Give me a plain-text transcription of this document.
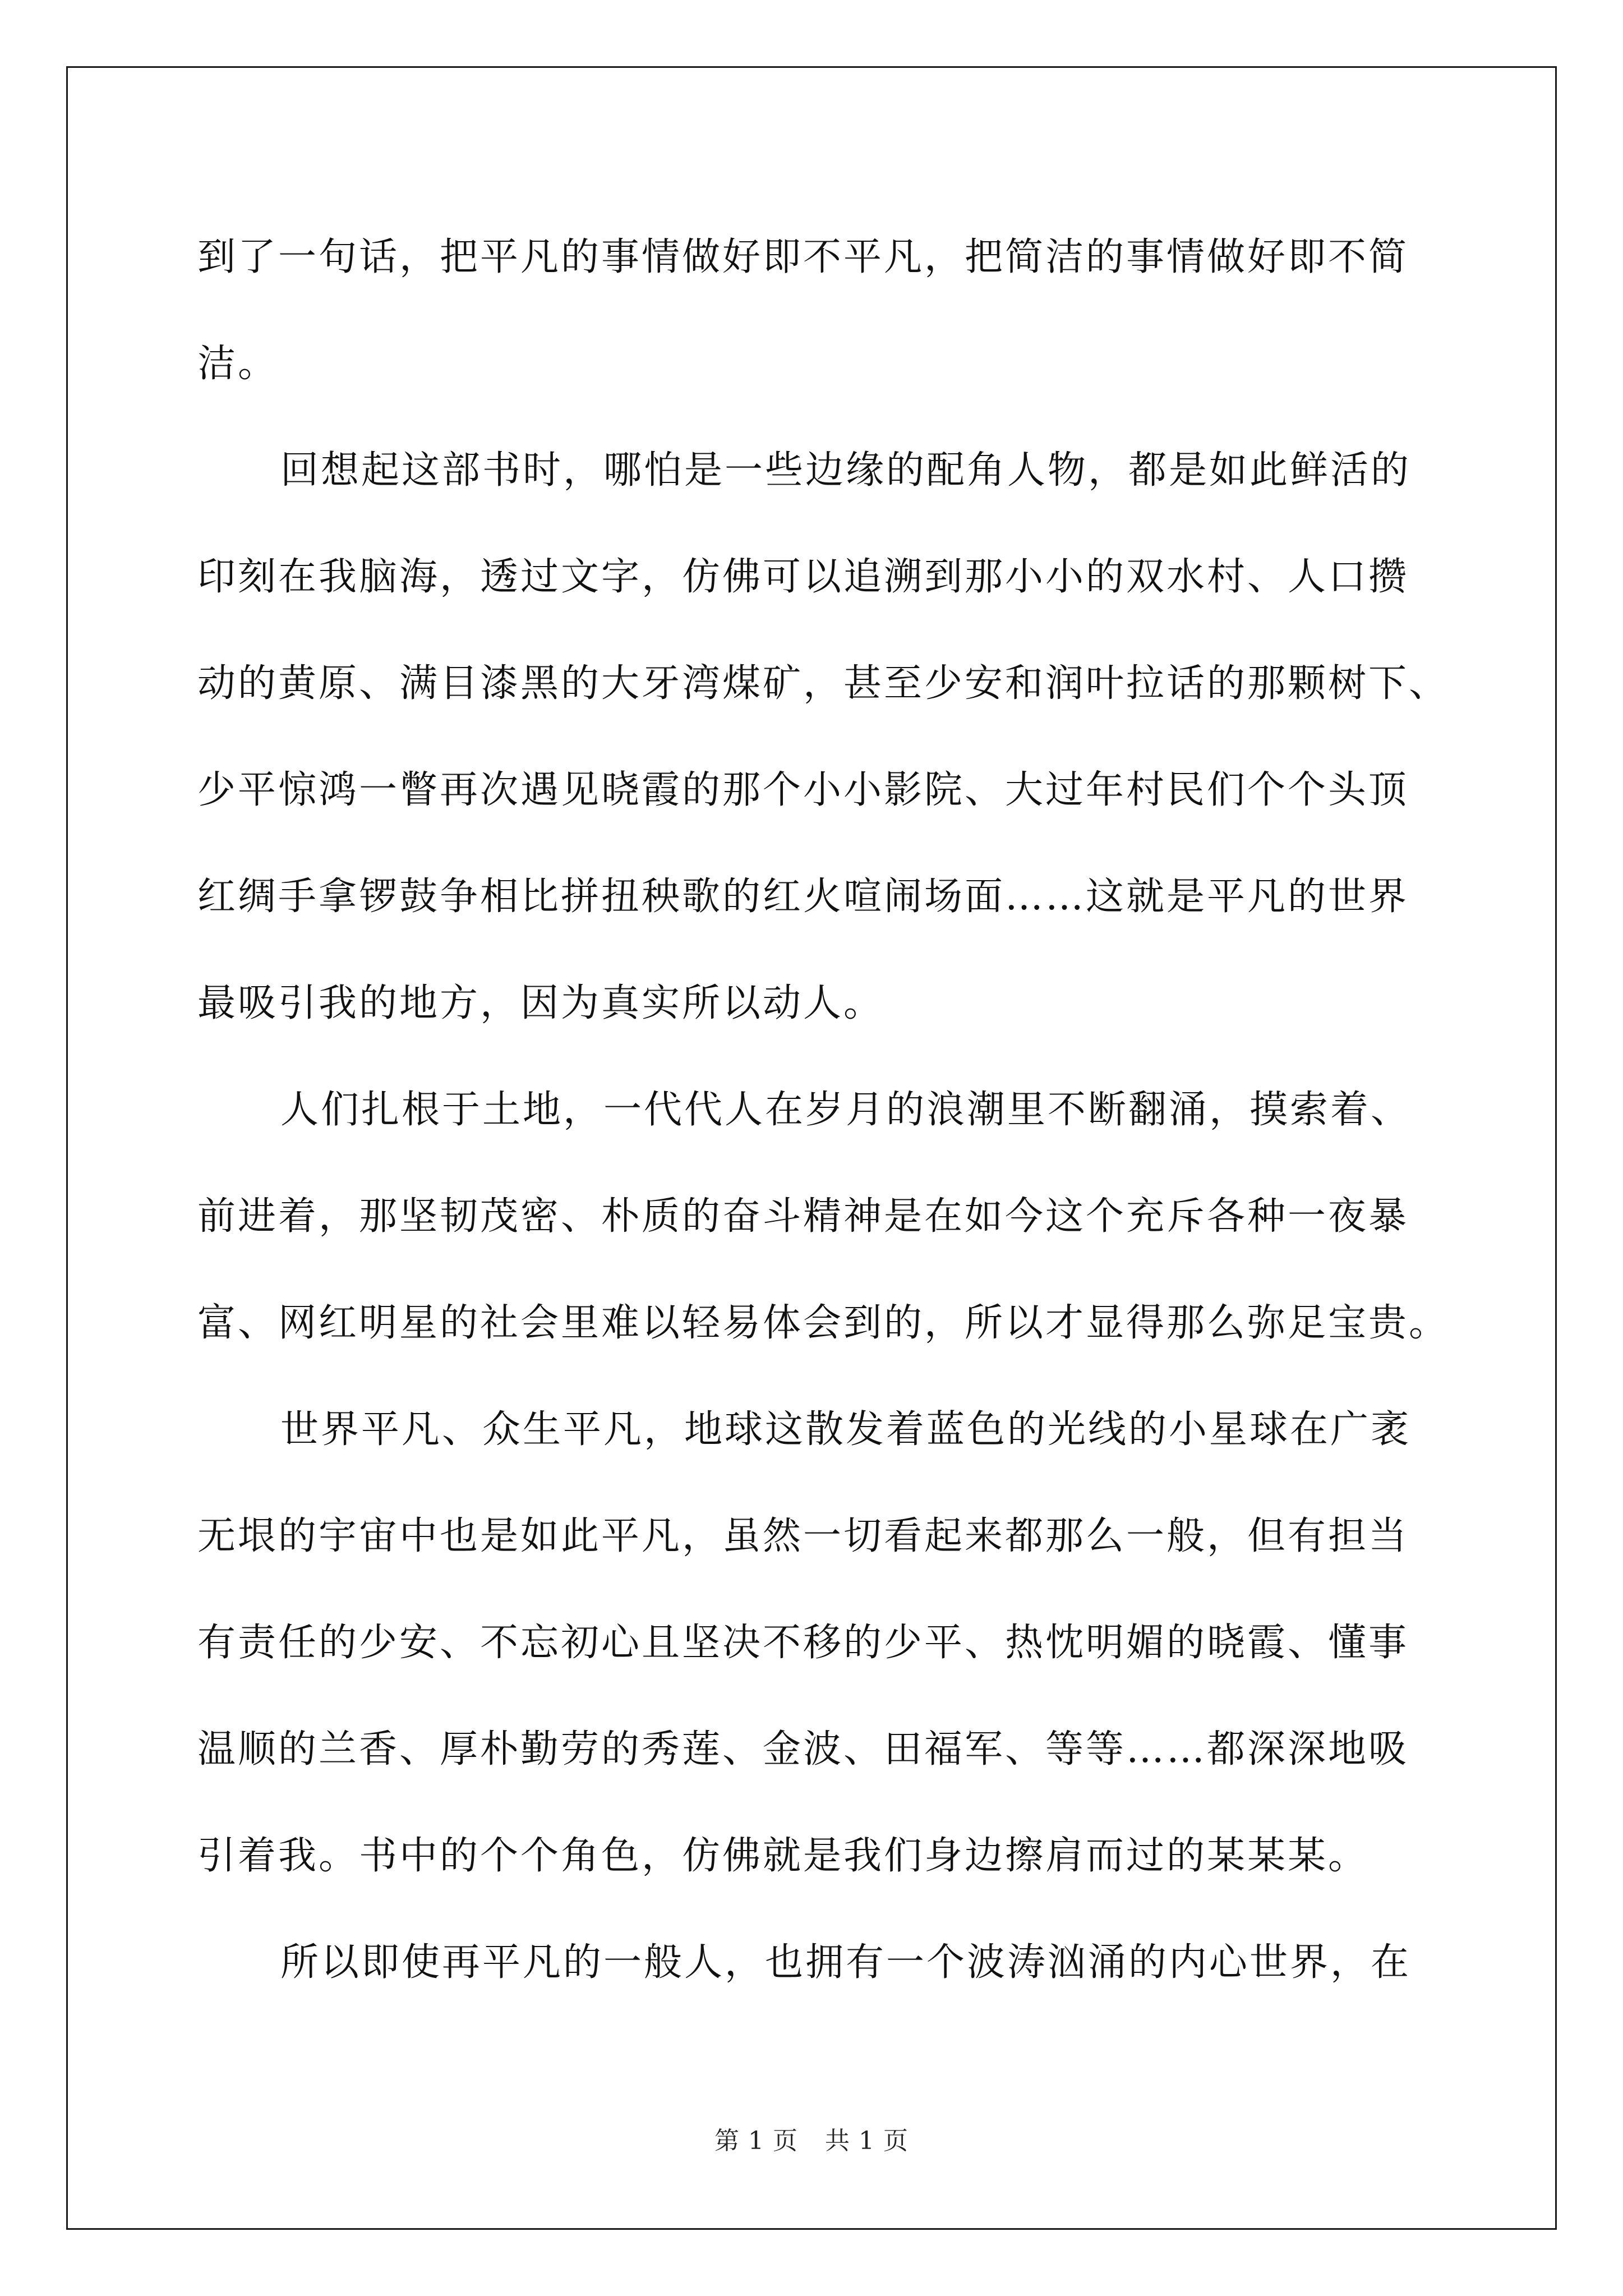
到了一句话，把平凡的事情做好即不平凡，把简洁的事情做好即不简
洁。
回想起这部书时，哪怕是一些边缘的配角人物，都是如此鲜活的
印刻在我脑海，透过文字，仿佛可以追溯到那小小的双水村、人口攒
动的黄原、满目漆黑的大牙湾煤矿，甚至少安和润叶拉话的那颗树下、
少平惊鸿一瞥再次遇见晓霞的那个小小影院、大过年村民们个个头顶
红绸手拿锣鼓争相比拼扭秧歌的红火喧闹场面……这就是平凡的世界
最吸引我的地方，因为真实所以动人。
人们扎根于土地，一代代人在岁月的浪潮里不断翻涌，摸索着、
前进着，那坚韧茂密、朴质的奋斗精神是在如今这个充斥各种一夜暴
富、网红明星的社会里难以轻易体会到的，所以才显得那么弥足宝贵。
世界平凡、众生平凡，地球这散发着蓝色的光线的小星球在广袤
无垠的宇宙中也是如此平凡，虽然一切看起来都那么一般，但有担当
有责任的少安、不忘初心且坚决不移的少平、热忱明媚的晓霞、懂事
温顺的兰香、厚朴勤劳的秀莲、金波、田福军、等等……都深深地吸
引着我。书中的个个角色，仿佛就是我们身边擦肩而过的某某某。
所以即使再平凡的一般人，也拥有一个波涛汹涌的内心世界，在
第 1 页 共 1 页
